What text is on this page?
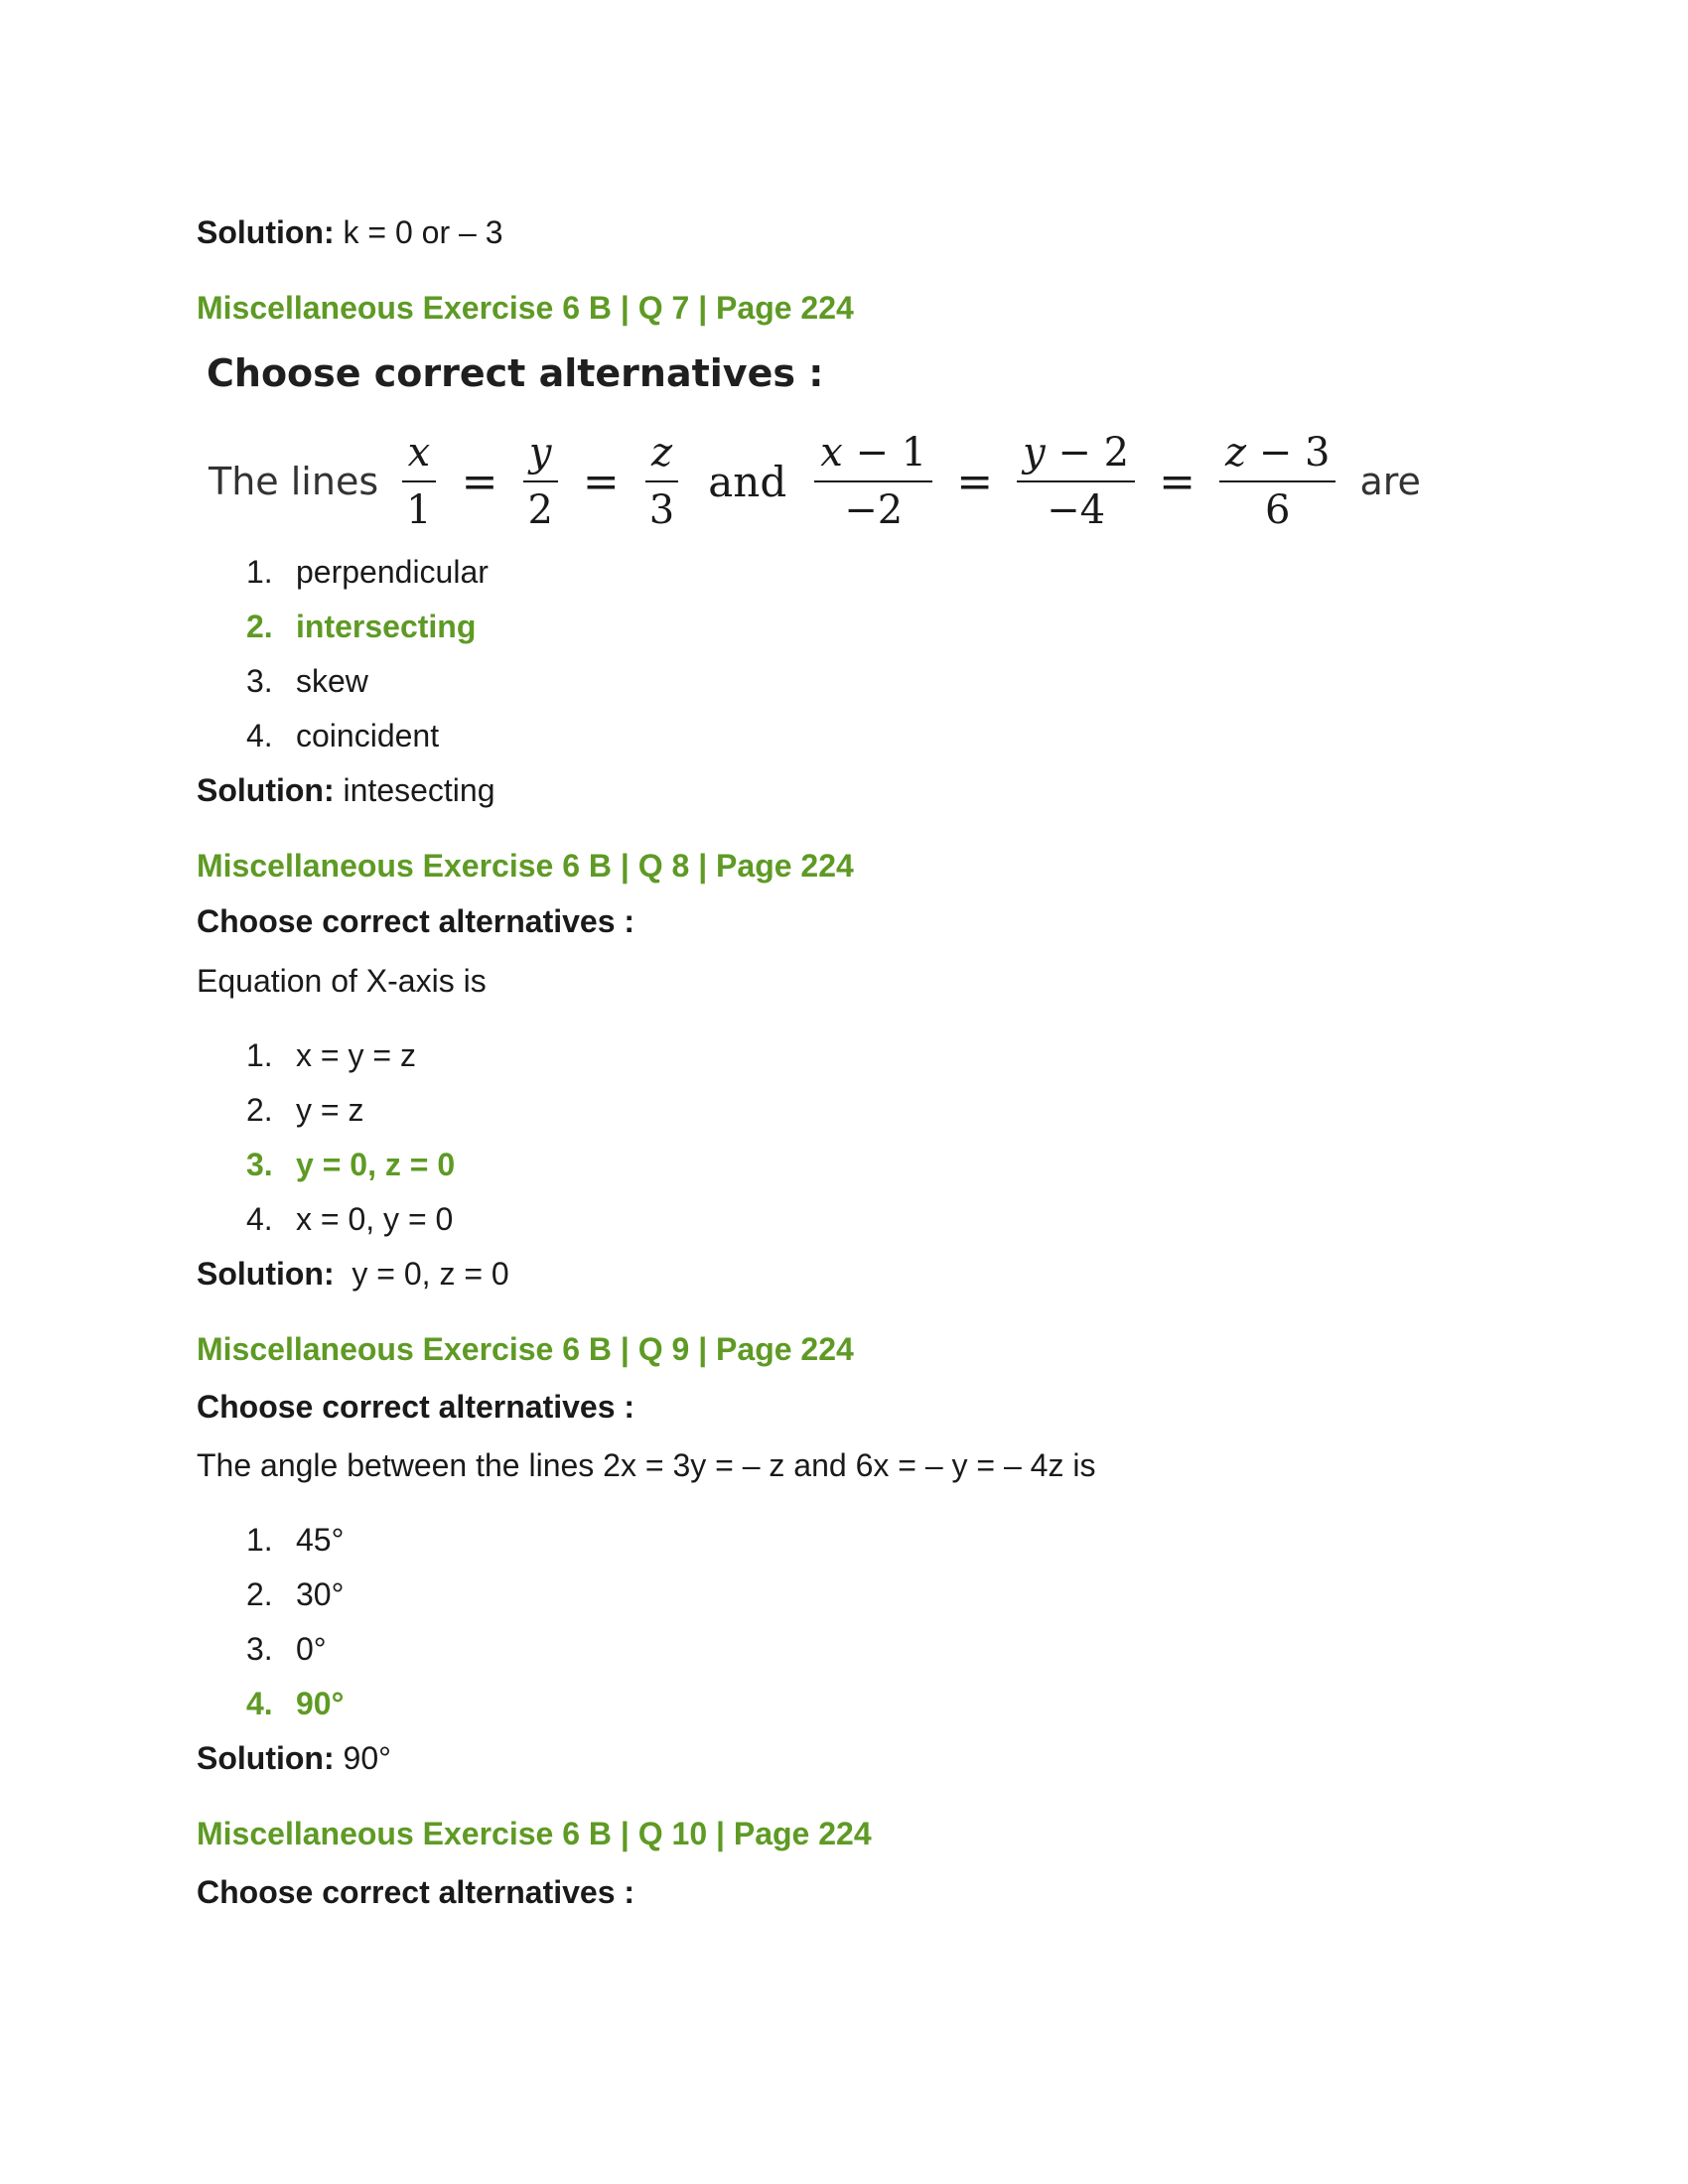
Solution: k = 0 or – 3
Miscellaneous Exercise 6 B | Q 7 | Page 224
Choose correct alternatives :
The lines $\frac{x}{1} = \frac{y}{2} = \frac{z}{3}$ and $\frac{x - 1}{-2} = \frac{y - 2}{-4} = \frac{z - 3}{6}$ are
1. perpendicular
2. intersecting
3. skew
4. coincident
Solution: intesecting
Miscellaneous Exercise 6 B | Q 8 | Page 224
Choose correct alternatives :
Equation of X-axis is
1. x = y = z
2. y = z
3. y = 0, z = 0
4. x = 0, y = 0
Solution:  y = 0, z = 0
Miscellaneous Exercise 6 B | Q 9 | Page 224
Choose correct alternatives :
The angle between the lines 2x = 3y = – z and 6x = – y = – 4z is
1. 45°
2. 30°
3. 0°
4. 90°
Solution: 90°
Miscellaneous Exercise 6 B | Q 10 | Page 224
Choose correct alternatives :
